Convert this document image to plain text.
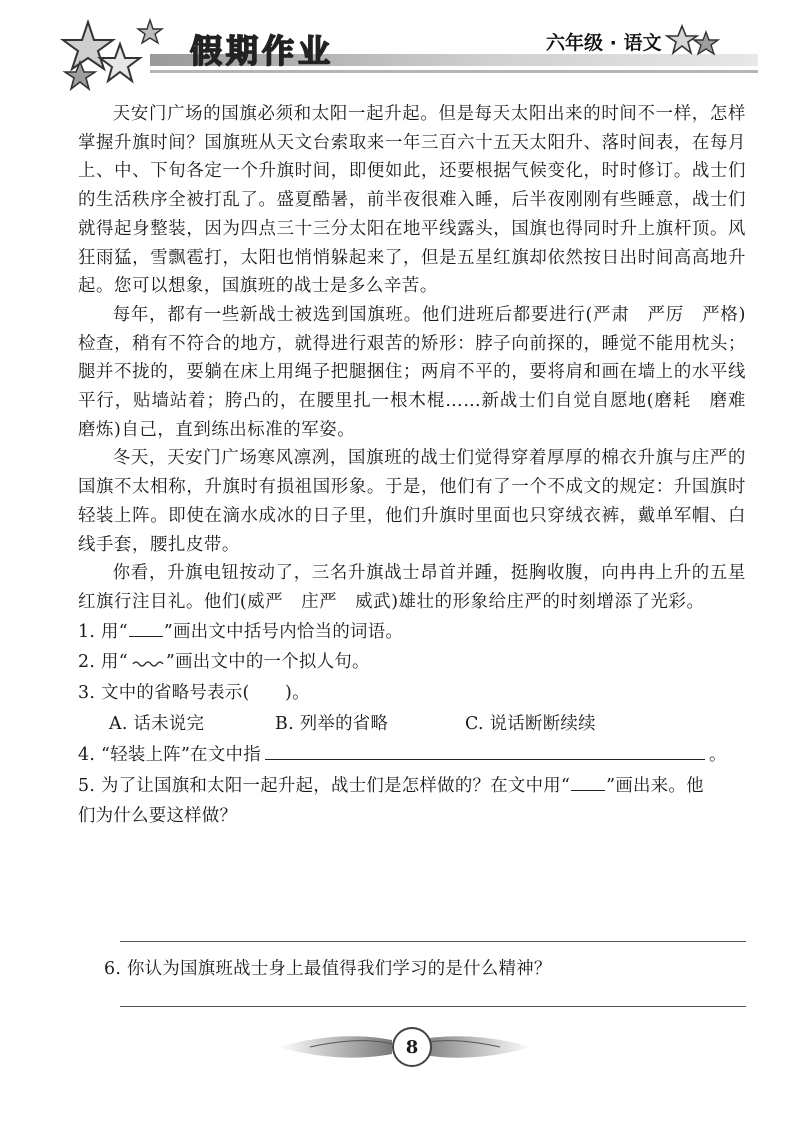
假期作业	六年级 · 语文

天安门广场的国旗必须和太阳一起升起。但是每天太阳出来的时间不一样，怎样掌握升旗时间？国旗班从天文台索取来一年三百六十五天太阳升、落时间表，在每月上、中、下旬各定一个升旗时间，即便如此，还要根据气候变化，时时修订。战士们的生活秩序全被打乱了。盛夏酷暑，前半夜很难入睡，后半夜刚刚有些睡意，战士们就得起身整装，因为四点三十三分太阳在地平线露头，国旗也得同时升上旗杆顶。风狂雨猛，雪飘雹打，太阳也悄悄躲起来了，但是五星红旗却依然按日出时间高高地升起。您可以想象，国旗班的战士是多么辛苦。

每年，都有一些新战士被选到国旗班。他们进班后都要进行(严肃　严厉　严格)检查，稍有不符合的地方，就得进行艰苦的矫形：脖子向前探的，睡觉不能用枕头；腿并不拢的，要躺在床上用绳子把腿捆住；两肩不平的，要将肩和画在墙上的水平线平行，贴墙站着；胯凸的，在腰里扎一根木棍……新战士们自觉自愿地(磨耗　磨难　磨炼)自己，直到练出标准的军姿。

冬天，天安门广场寒风凛冽，国旗班的战士们觉得穿着厚厚的棉衣升旗与庄严的国旗不太相称，升旗时有损祖国形象。于是，他们有了一个不成文的规定：升国旗时轻装上阵。即使在滴水成冰的日子里，他们升旗时里面也只穿绒衣裤，戴单军帽、白线手套，腰扎皮带。

你看，升旗电钮按动了，三名升旗战士昂首并踵，挺胸收腹，向冉冉上升的五星红旗行注目礼。他们(威严　庄严　威武)雄壮的形象给庄严的时刻增添了光彩。

1. 用“ ”画出文中括号内恰当的词语。

2. 用“ ”画出文中的一个拟人句。

3. 文中的省略号表示(　　)。

A. 话未说完	B. 列举的省略	C. 说话断断续续

4. “轻装上阵”在文中指	。

5. 为了让国旗和太阳一起升起，战士们是怎样做的？在文中用“ ”画出来。他

们为什么要这样做？

6. 你认为国旗班战士身上最值得我们学习的是什么精神？

8
